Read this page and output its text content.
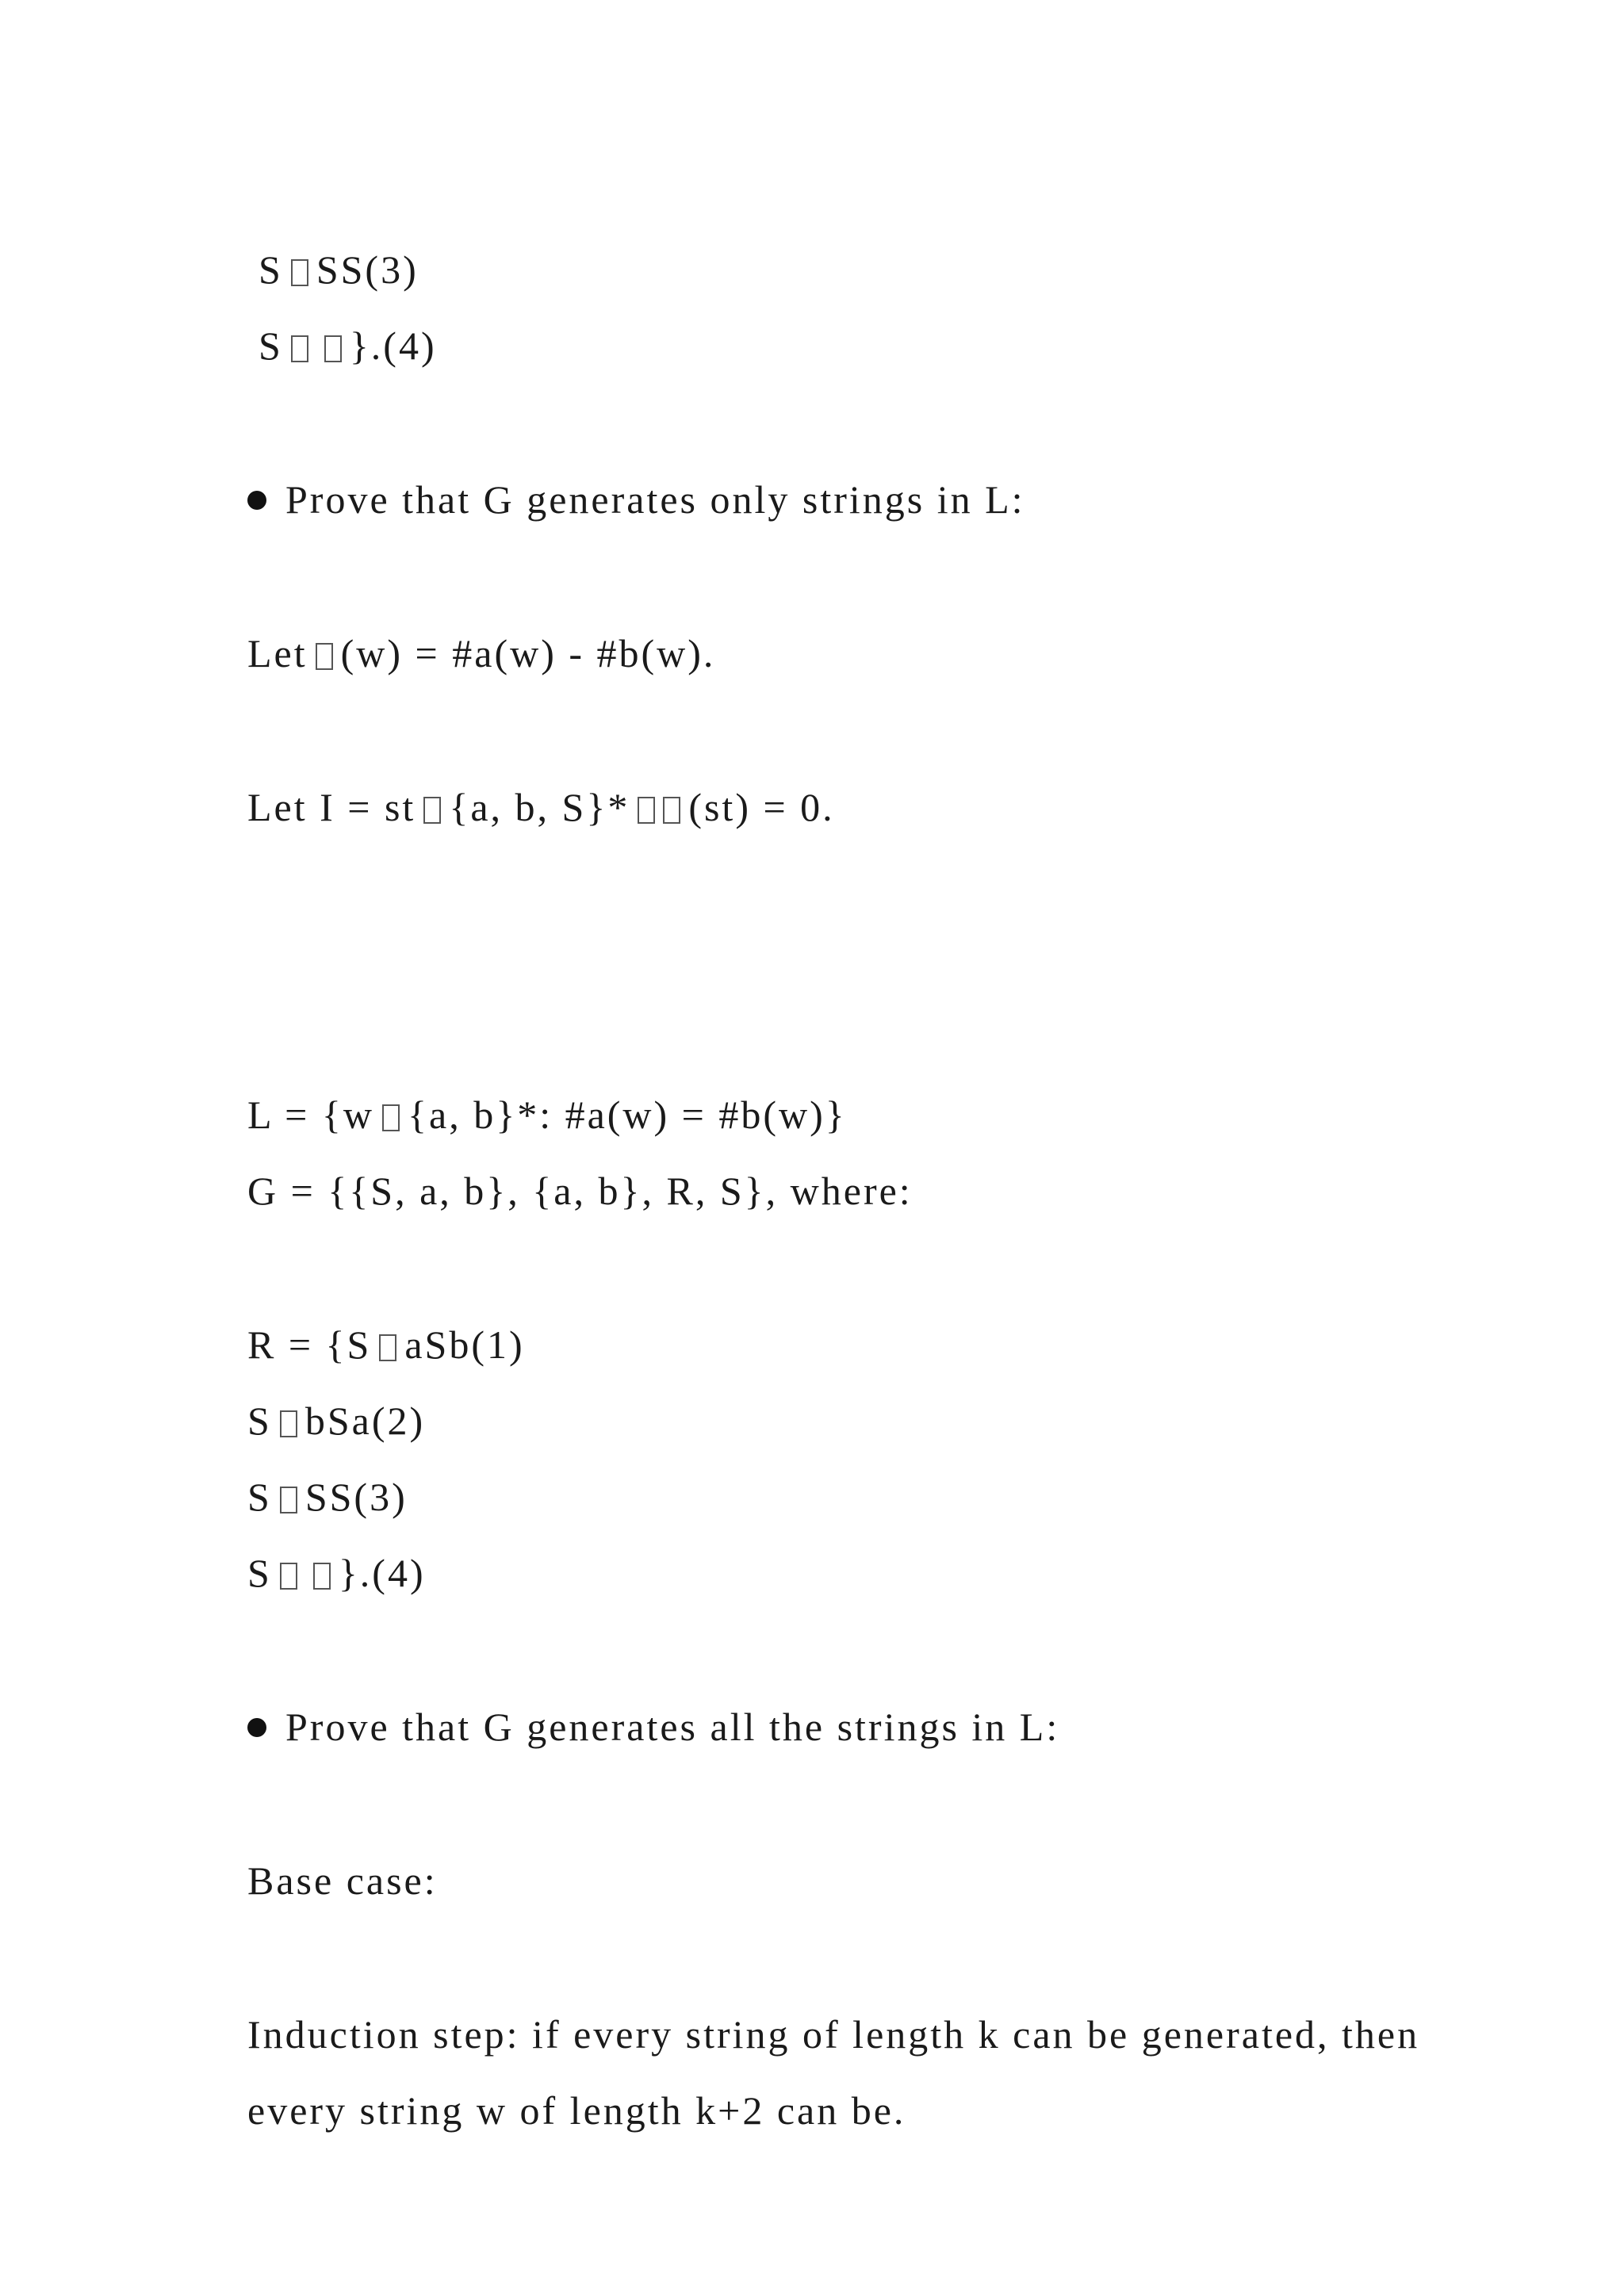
S SS(3)

S }.(4)

Prove that G generates only strings in L:

Let (w) = #a(w) - #b(w).

Let I = st {a, b, S}* (st) = 0.

L = {w {a, b}*: #a(w) = #b(w)}

G = {{S, a, b}, {a, b}, R, S}, where:

R = {S aSb(1)

S bSa(2)

S SS(3)

S }.(4)

Prove that G generates all the strings in L:

Base case:

Induction step: if every string of length k can be generated, then

every string w of length k+2 can be.
